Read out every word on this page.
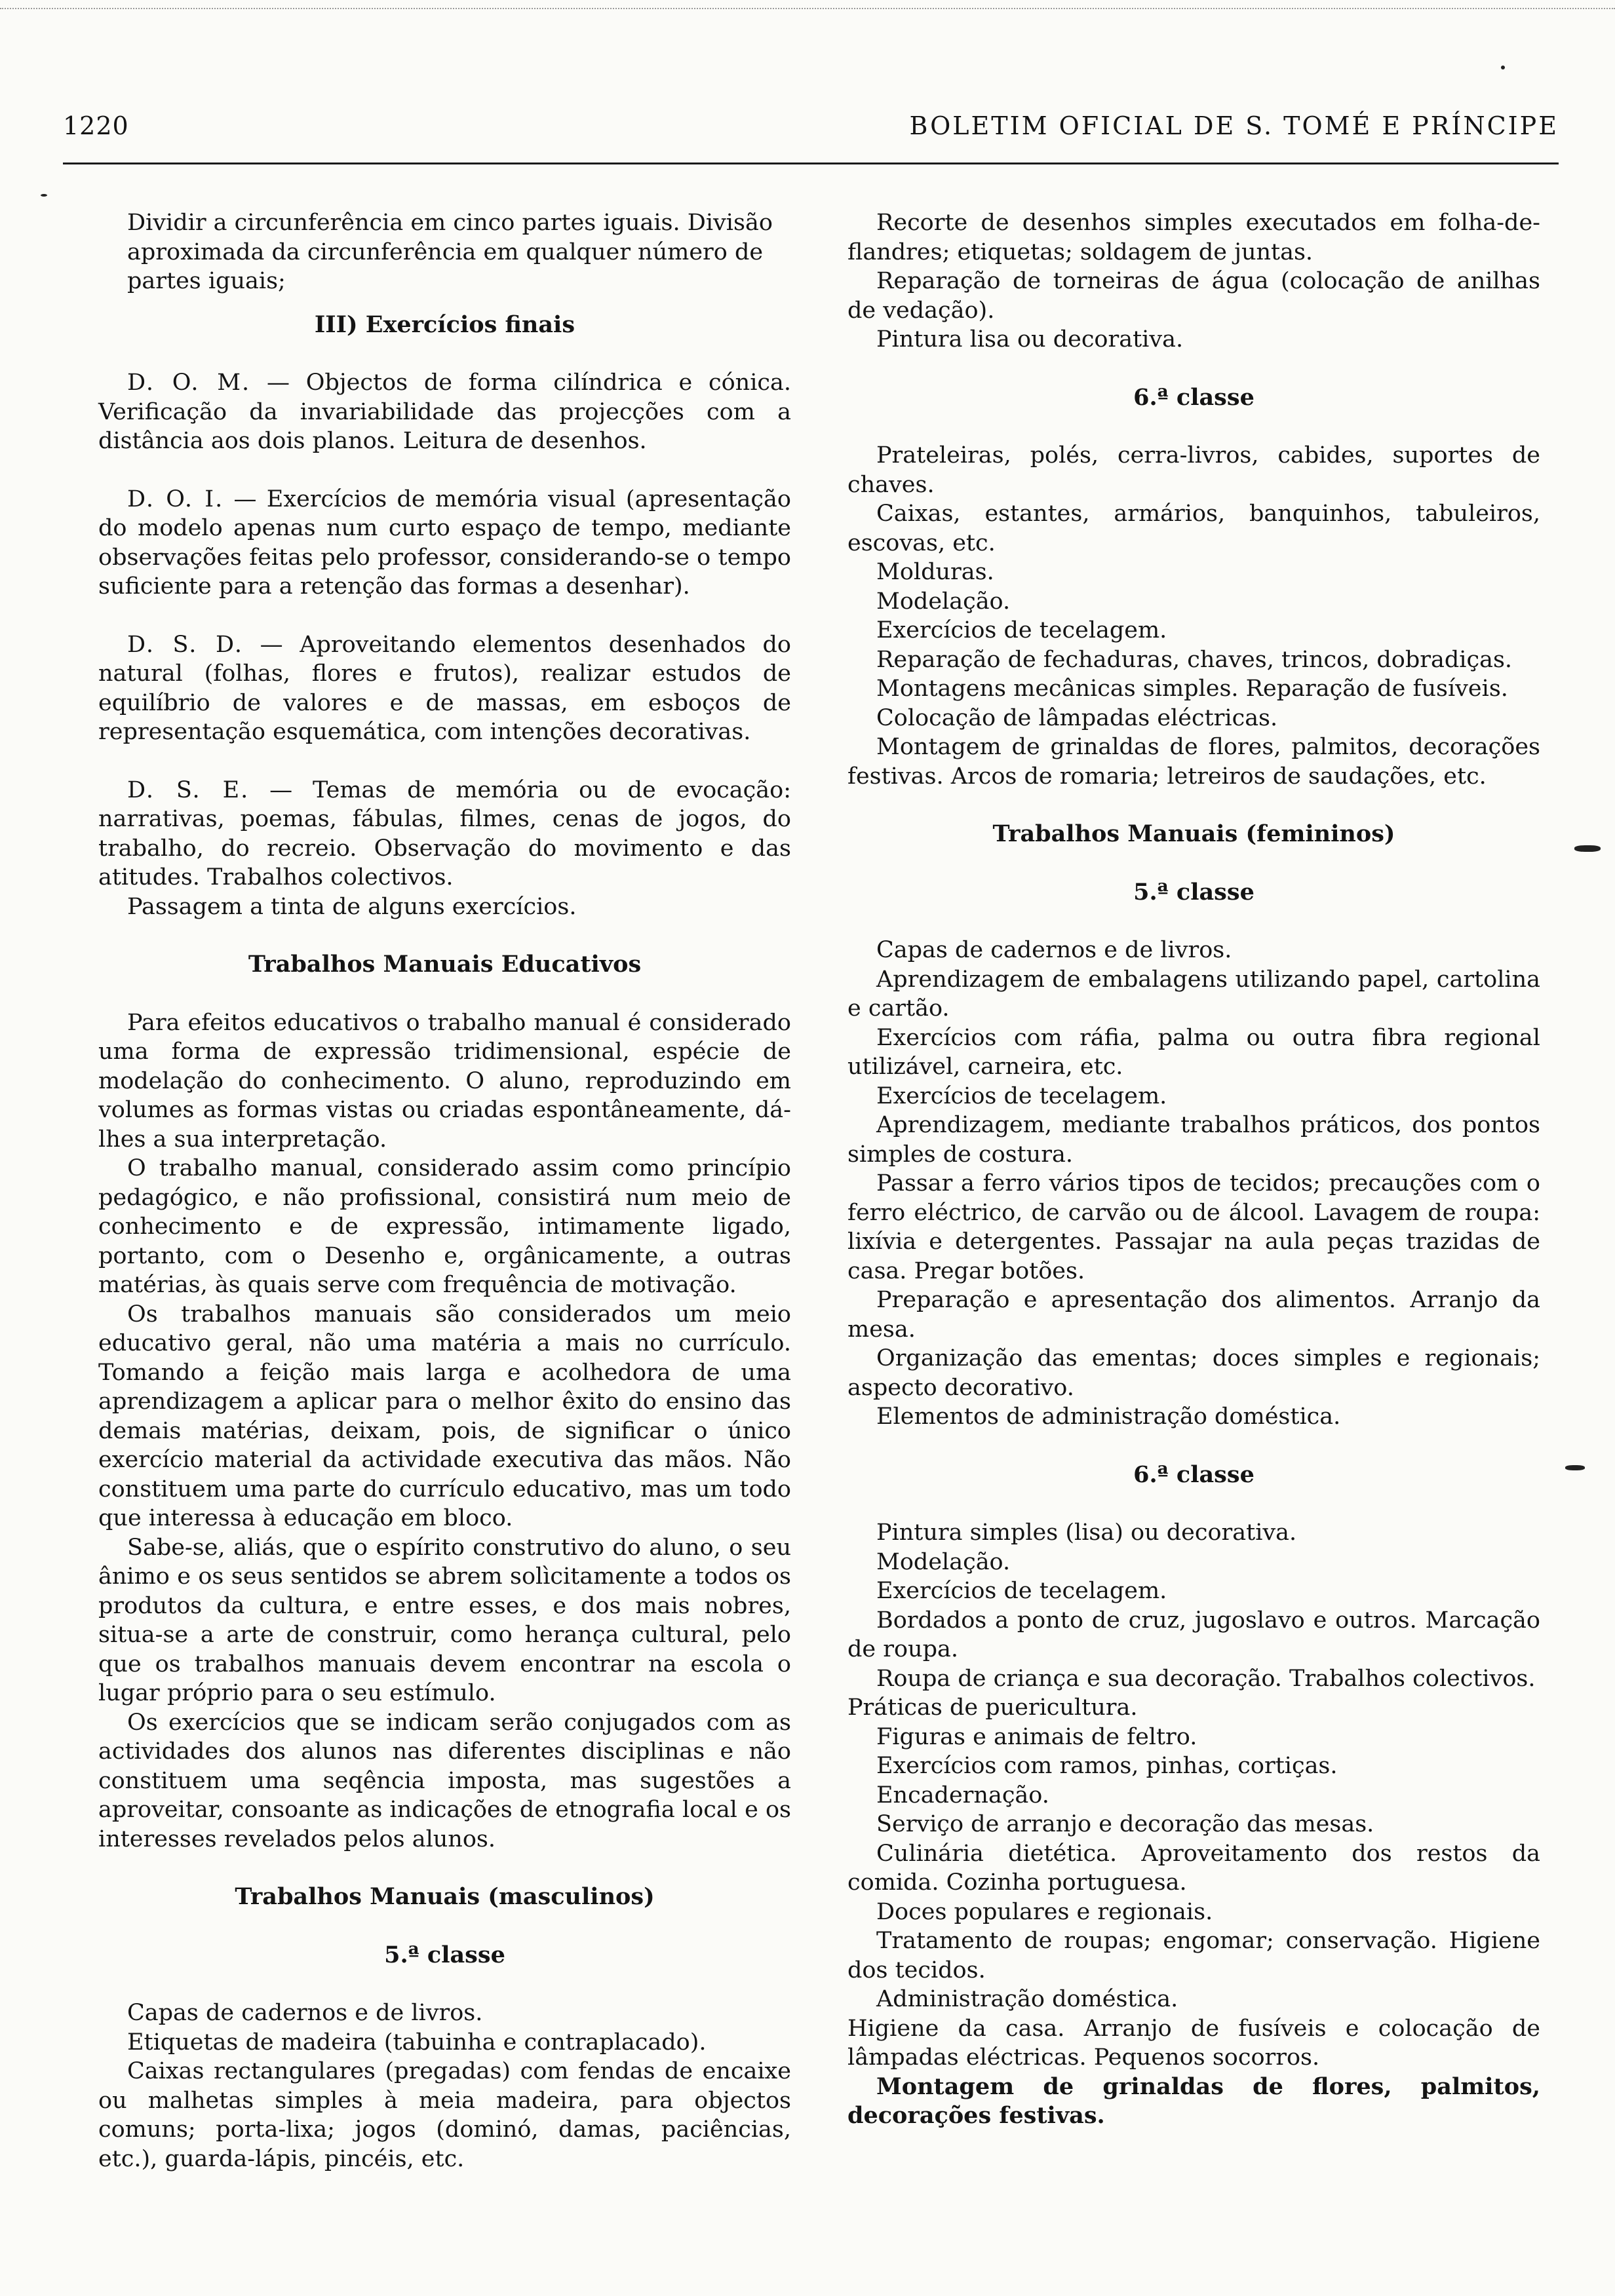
1220	BOLETIM OFICIAL DE S. TOMÉ E PRÍNCIPE

Dividir a circunferência em cinco partes iguais. Divisão aproximada da circunferência em qualquer número de partes iguais;

III) Exercícios finais

D. O. M. — Objectos de forma cilíndrica e cónica. Verificação da invariabilidade das projecções com a distância aos dois planos. Leitura de desenhos.

D. O. I. — Exercícios de memória visual (apresentação do modelo apenas num curto espaço de tempo, mediante observações feitas pelo professor, considerando-se o tempo suficiente para a retenção das formas a desenhar).

D. S. D. — Aproveitando elementos desenhados do natural (folhas, flores e frutos), realizar estudos de equilíbrio de valores e de massas, em esboços de representação esquemática, com intenções decorativas.

D. S. E. — Temas de memória ou de evocação: narrativas, poemas, fábulas, filmes, cenas de jogos, do trabalho, do recreio. Observação do movimento e das atitudes. Trabalhos colectivos.

Passagem a tinta de alguns exercícios.

Trabalhos Manuais Educativos

Para efeitos educativos o trabalho manual é considerado uma forma de expressão tridimensional, espécie de modelação do conhecimento. O aluno, reproduzindo em volumes as formas vistas ou criadas espontâneamente, dá-lhes a sua interpretação.

O trabalho manual, considerado assim como princípio pedagógico, e não profissional, consistirá num meio de conhecimento e de expressão, intimamente ligado, portanto, com o Desenho e, orgânicamente, a outras matérias, às quais serve com frequência de motivação.

Os trabalhos manuais são considerados um meio educativo geral, não uma matéria a mais no currículo. Tomando a feição mais larga e acolhedora de uma aprendizagem a aplicar para o melhor êxito do ensino das demais matérias, deixam, pois, de significar o único exercício material da actividade executiva das mãos. Não constituem uma parte do currículo educativo, mas um todo que interessa à educação em bloco.

Sabe-se, aliás, que o espírito construtivo do aluno, o seu ânimo e os seus sentidos se abrem solìcitamente a todos os produtos da cultura, e entre esses, e dos mais nobres, situa-se a arte de construir, como herança cultural, pelo que os trabalhos manuais devem encontrar na escola o lugar próprio para o seu estímulo.

Os exercícios que se indicam serão conjugados com as actividades dos alunos nas diferentes disciplinas e não constituem uma seqência imposta, mas sugestões a aproveitar, consoante as indicações de etnografia local e os interesses revelados pelos alunos.

Trabalhos Manuais (masculinos)
5.ª classe

Capas de cadernos e de livros.

Etiquetas de madeira (tabuinha e contraplacado).

Caixas rectangulares (pregadas) com fendas de encaixe ou malhetas simples à meia madeira, para objectos comuns; porta-lixa; jogos (dominó, damas, paciências, etc.), guarda-lápis, pincéis, etc.

Recorte de desenhos simples executados em folha-de-flandres; etiquetas; soldagem de juntas.

Reparação de torneiras de água (colocação de anilhas de vedação).

Pintura lisa ou decorativa.

6.ª classe

Prateleiras, polés, cerra-livros, cabides, suportes de chaves.

Caixas, estantes, armários, banquinhos, tabuleiros, escovas, etc.

Molduras.

Modelação.

Exercícios de tecelagem.

Reparação de fechaduras, chaves, trincos, dobradiças.

Montagens mecânicas simples. Reparação de fusíveis.

Colocação de lâmpadas eléctricas.

Montagem de grinaldas de flores, palmitos, decorações festivas. Arcos de romaria; letreiros de saudações, etc.

Trabalhos Manuais (femininos)
5.ª classe

Capas de cadernos e de livros.

Aprendizagem de embalagens utilizando papel, cartolina e cartão.

Exercícios com ráfia, palma ou outra fibra regional utilizável, carneira, etc.

Exercícios de tecelagem.

Aprendizagem, mediante trabalhos práticos, dos pontos simples de costura.

Passar a ferro vários tipos de tecidos; precauções com o ferro eléctrico, de carvão ou de álcool. Lavagem de roupa: lixívia e detergentes. Passajar na aula peças trazidas de casa. Pregar botões.

Preparação e apresentação dos alimentos. Arranjo da mesa.

Organização das ementas; doces simples e regionais; aspecto decorativo.

Elementos de administração doméstica.

6.ª classe

Pintura simples (lisa) ou decorativa.

Modelação.

Exercícios de tecelagem.

Bordados a ponto de cruz, jugoslavo e outros. Marcação de roupa.

Roupa de criança e sua decoração. Trabalhos colectivos.

Práticas de puericultura.

Figuras e animais de feltro.

Exercícios com ramos, pinhas, cortiças.

Encadernação.

Serviço de arranjo e decoração das mesas.

Culinária dietética. Aproveitamento dos restos da comida. Cozinha portuguesa.

Doces populares e regionais.

Tratamento de roupas; engomar; conservação. Higiene dos tecidos.

Administração doméstica.

Higiene da casa. Arranjo de fusíveis e colocação de lâmpadas eléctricas. Pequenos socorros.

Montagem de grinaldas de flores, palmitos, decorações festivas.
